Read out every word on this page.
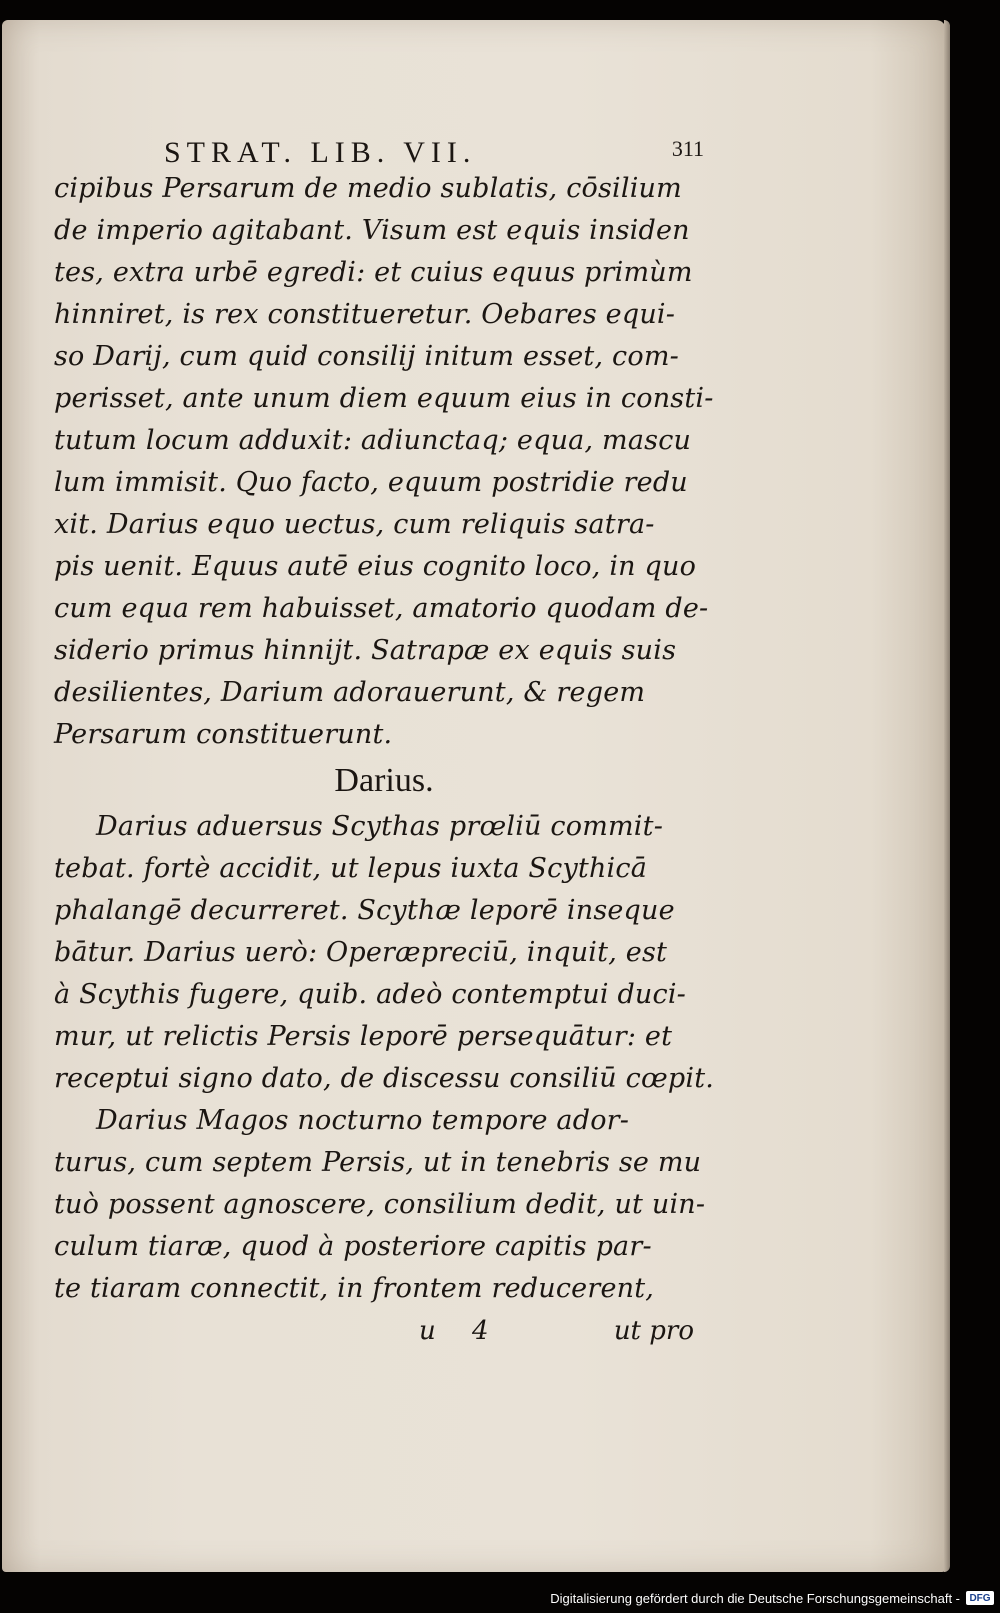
STRAT. LIB. VII.	311
cipibus Persarum de medio sublatis, cōsilium
de imperio agitabant. Visum est equis insiden
tes, extra urbē egredi: et cuius equus primùm
hinniret, is rex constitueretur. Oebares equi-
so Darij, cum quid consilij initum esset, com-
perisset, ante unum diem equum eius in consti-
tutum locum adduxit: adiunctaq; equa, mascu
lum immisit. Quo facto, equum postridie redu
xit. Darius equo uectus, cum reliquis satra-
pis uenit. Equus autē eius cognito loco, in quo
cum equa rem habuisset, amatorio quodam de-
siderio primus hinnijt. Satrapæ ex equis suis
desilientes, Darium adorauerunt, & regem
Persarum constituerunt.
Darius.
Darius aduersus Scythas prœliū commit-
tebat. fortè accidit, ut lepus iuxta Scythicā
phalangē decurreret. Scythæ leporē inseque
bātur. Darius uerò: Operæpreciū, inquit, est
à Scythis fugere, quib. adeò contemptui duci-
mur, ut relictis Persis leporē persequātur: et
receptui signo dato, de discessu consiliū cœpit.
Darius Magos nocturno tempore ador-
turus, cum septem Persis, ut in tenebris se mu
tuò possent agnoscere, consilium dedit, ut uin-
culum tiaræ, quod à posteriore capitis par-
te tiaram connectit, in frontem reducerent,
u 4	ut pro
Digitalisierung gefördert durch die Deutsche Forschungsgemeinschaft - DFG
